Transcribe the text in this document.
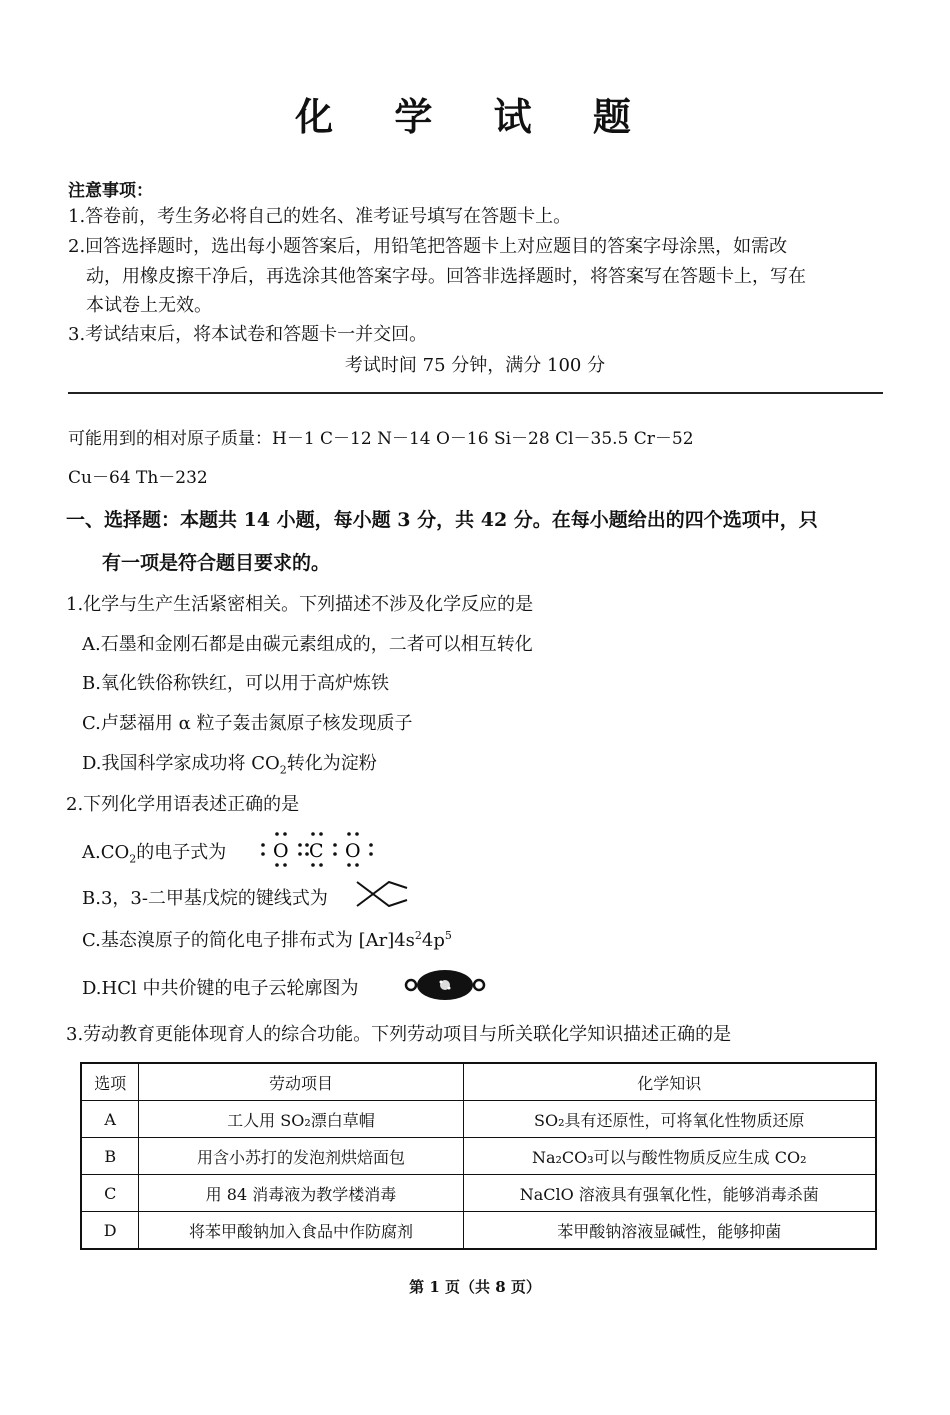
化 学 试 题
注意事项：
1.答卷前，考生务必将自己的姓名、准考证号填写在答题卡上。
2.回答选择题时，选出每小题答案后，用铅笔把答题卡上对应题目的答案字母涂黑，如需改
动，用橡皮擦干净后，再选涂其他答案字母。回答非选择题时，将答案写在答题卡上，写在
本试卷上无效。
3.考试结束后，将本试卷和答题卡一并交回。
考试时间 75 分钟，满分 100 分
可能用到的相对原子质量：H－1 C－12 N－14 O－16 Si－28 Cl－35.5 Cr－52
Cu－64 Th－232
一、选择题：本题共 14 小题，每小题 3 分，共 42 分。在每小题给出的四个选项中，只
有一项是符合题目要求的。
1.化学与生产生活紧密相关。下列描述不涉及化学反应的是
A.石墨和金刚石都是由碳元素组成的，二者可以相互转化
B.氧化铁俗称铁红，可以用于高炉炼铁
C.卢瑟福用 α 粒子轰击氮原子核发现质子
D.我国科学家成功将 $CO_2$转化为淀粉
2.下列化学用语表述正确的是
$A.CO_2$的电子式为 O C O
B.3，3-二甲基戊烷的键线式为
C.基态溴原子的简化电子排布式为 $[Ar]4s^24p^5$
D.HCl 中共价键的电子云轮廓图为
3.劳动教育更能体现育人的综合功能。下列劳动项目与所关联化学知识描述正确的是
选项	劳动项目	化学知识
A	工人用 SO₂漂白草帽	SO₂具有还原性，可将氧化性物质还原
B	用含小苏打的发泡剂烘焙面包	Na₂CO₃可以与酸性物质反应生成 CO₂
C	用 84 消毒液为教学楼消毒	NaClO 溶液具有强氧化性，能够消毒杀菌
D	将苯甲酸钠加入食品中作防腐剂	苯甲酸钠溶液显碱性，能够抑菌
第 1 页（共 8 页）
